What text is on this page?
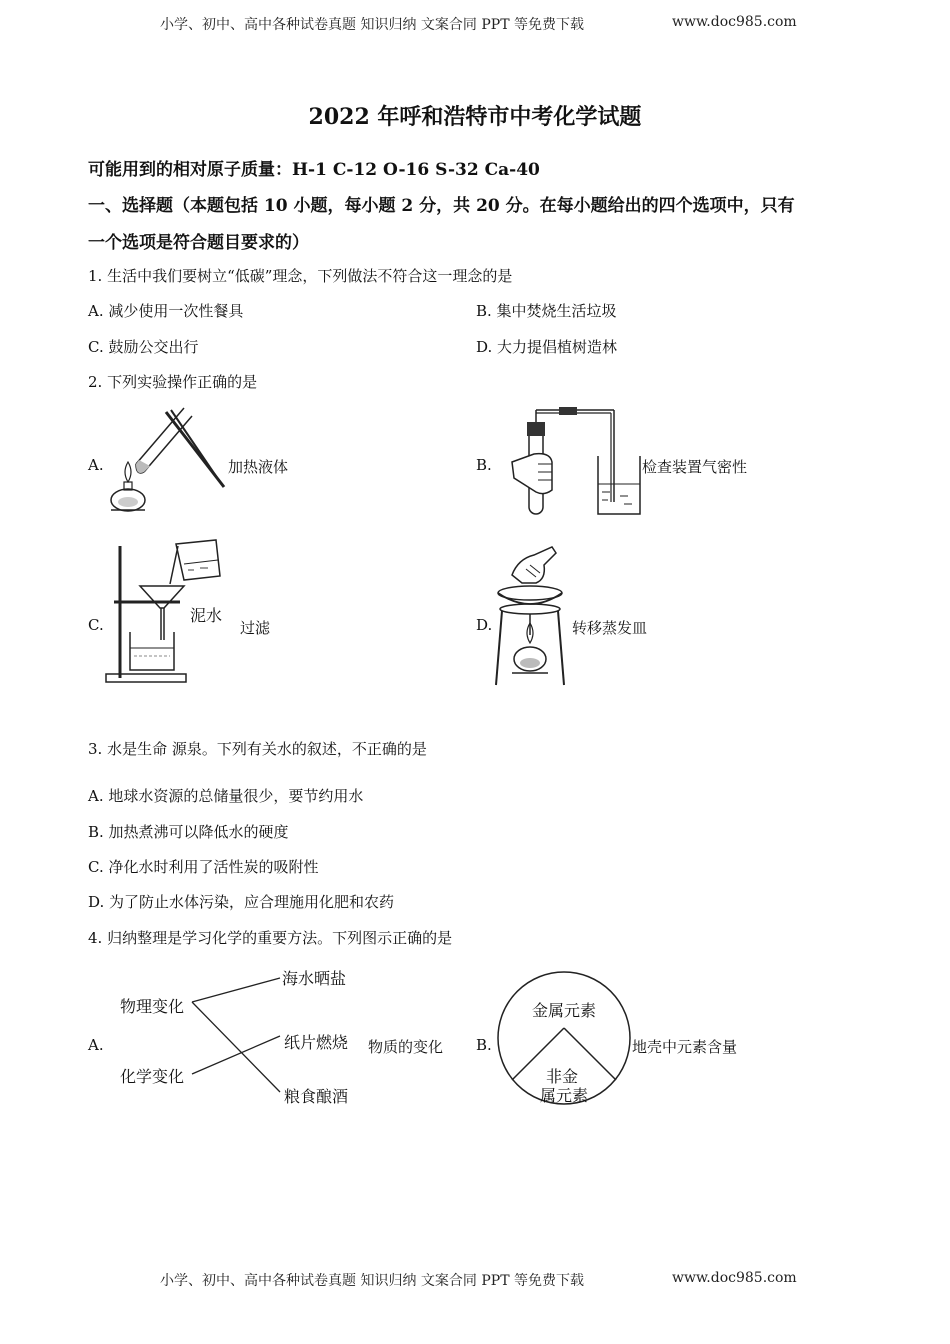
小学、初中、高中各种试卷真题 知识归纳 文案合同 PPT 等免费下载	www.doc985.com
2022 年呼和浩特市中考化学试题
可能用到的相对原子质量：H-1 C-12 O-16 S-32 Ca-40
一、选择题（本题包括 10 小题，每小题 2 分，共 20 分。在每小题给出的四个选项中，只有
一个选项是符合题目要求的）
1. 生活中我们要树立“低碳”理念，下列做法不符合这一理念的是
A. 减少使用一次性餐具	B. 集中焚烧生活垃圾
C. 鼓励公交出行	D. 大力提倡植树造林
2. 下列实验操作正确的是
A.	加热液体	B.	检查装置气密性
C.	泥水
过滤	D.	转移蒸发皿
3. 水是生命 源泉。下列有关水的叙述，不正确的是
A. 地球水资源的总储量很少，要节约用水
B. 加热煮沸可以降低水的硬度
C. 净化水时利用了活性炭的吸附性
D. 为了防止水体污染，应合理施用化肥和农药
4. 归纳整理是学习化学的重要方法。下列图示正确的是
A.
物理变化
化学变化
海水晒盐
纸片燃烧
粮食酿酒
物质的变化 B.
金属元素
非金
属元素
地壳中元素含量
小学、初中、高中各种试卷真题 知识归纳 文案合同 PPT 等免费下载	www.doc985.com
